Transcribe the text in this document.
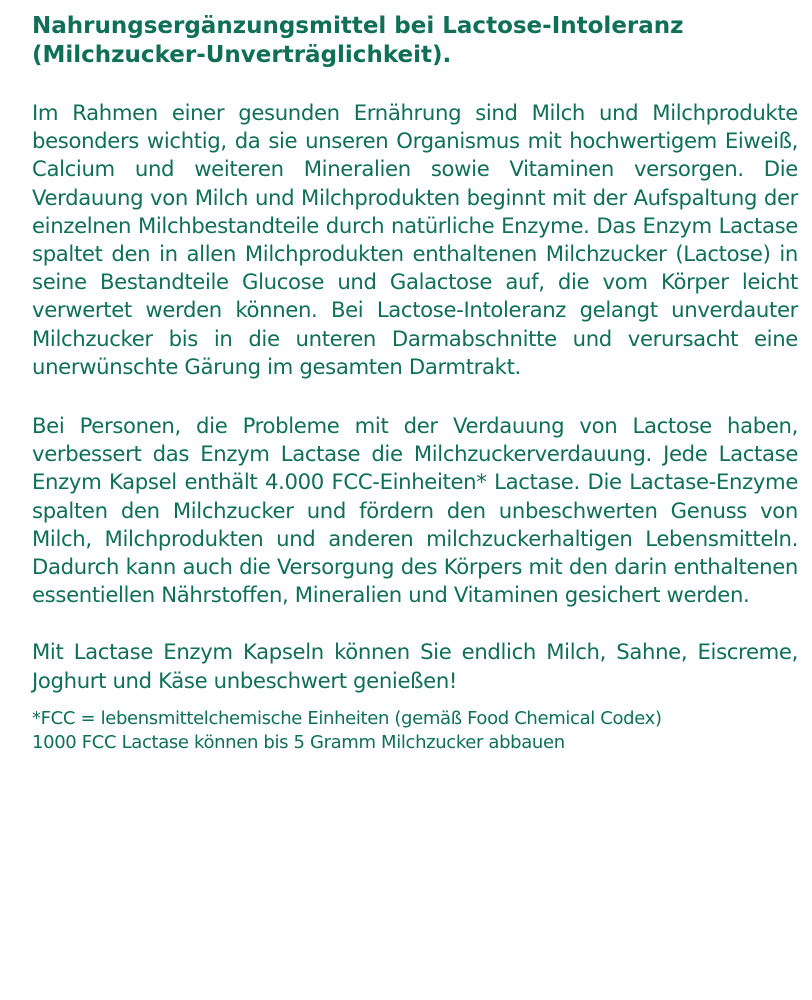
Nahrungsergänzungsmittel bei Lactose-Intoleranz
(Milchzucker-Unverträglichkeit).

Im Rahmen einer gesunden Ernährung sind Milch und Milchprodukte besonders wichtig, da sie unseren Organismus mit hochwertigem Eiweiß, Calcium und weiteren Mineralien sowie Vitaminen versorgen. Die Verdauung von Milch und Milchprodukten beginnt mit der Aufspaltung der einzelnen Milchbestandteile durch natürliche Enzyme. Das Enzym Lactase spaltet den in allen Milchprodukten enthaltenen Milchzucker (Lactose) in seine Bestandteile Glucose und Galactose auf, die vom Körper leicht verwertet werden können. Bei Lactose-Intoleranz gelangt unverdauter Milchzucker bis in die unteren Darmabschnitte und verursacht eine unerwünschte Gärung im gesamten Darmtrakt.

Bei Personen, die Probleme mit der Verdauung von Lactose haben, verbessert das Enzym Lactase die Milchzuckerverdauung. Jede Lactase Enzym Kapsel enthält 4.000 FCC-Einheiten* Lactase. Die Lactase-Enzyme spalten den Milchzucker und fördern den unbeschwerten Genuss von Milch, Milchprodukten und anderen milchzuckerhaltigen Lebensmitteln. Dadurch kann auch die Versorgung des Körpers mit den darin enthaltenen essentiellen Nährstoffen, Mineralien und Vitaminen gesichert werden.

Mit Lactase Enzym Kapseln können Sie endlich Milch, Sahne, Eiscreme, Joghurt und Käse unbeschwert genießen!

*FCC = lebensmittelchemische Einheiten (gemäß Food Chemical Codex)
1000 FCC Lactase können bis 5 Gramm Milchzucker abbauen
